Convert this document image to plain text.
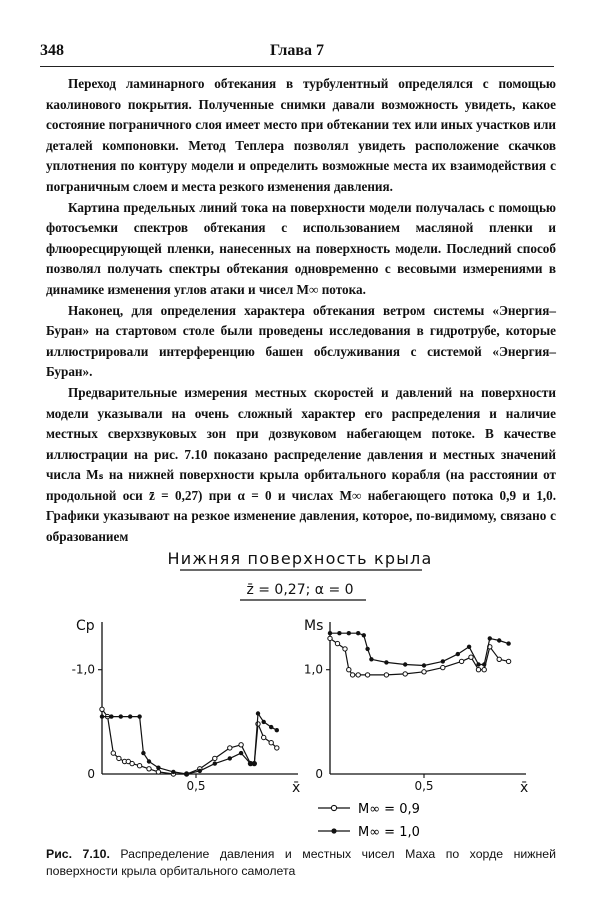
348	Глава 7

Переход ламинарного обтекания в турбулентный определялся с помощью каолинового покрытия. Полученные снимки давали возможность увидеть, какое состояние пограничного слоя имеет место при обтекании тех или иных участков или деталей компоновки. Метод Теплера позволял увидеть расположение скачков уплотнения по контуру модели и определить возможные места их взаимодействия с пограничным слоем и места резкого изменения давления.

Картина предельных линий тока на поверхности модели получалась с помощью фотосъемки спектров обтекания с использованием масляной пленки и флюоресцирующей пленки, нанесенных на поверхность модели. Последний способ позволял получать спектры обтекания одновременно с весовыми измерениями в динамике изменения углов атаки и чисел M∞ потока.

Наконец, для определения характера обтекания ветром системы «Энергия–Буран» на стартовом столе были проведены исследования в гидротрубе, которые иллюстрировали интерференцию башен обслуживания с системой «Энергия–Буран».

Предварительные измерения местных скоростей и давлений на поверхности модели указывали на очень сложный характер его распределения и наличие местных сверхзвуковых зон при дозвуковом набегающем потоке. В качестве иллюстрации на рис. 7.10 показано распределение давления и местных значений числа Mₛ на нижней поверхности крыла орбитального корабля (на расстоянии от продольной оси z̄ = 0,27) при α = 0 и числах M∞ набегающего потока 0,9 и 1,0. Графики указывают на резкое изменение давления, которое, по-видимому, связано с образованием

Нижняя поверхность крыла
z̄ = 0,27; α = 0
Cp
x̄
-1,0
0
0,5
Ms
x̄
1,0
0
0,5
M∞ = 0,9
M∞ = 1,0
Рис. 7.10. Распределение давления и местных чисел Маха по хорде нижней поверхности крыла орбитального самолета
